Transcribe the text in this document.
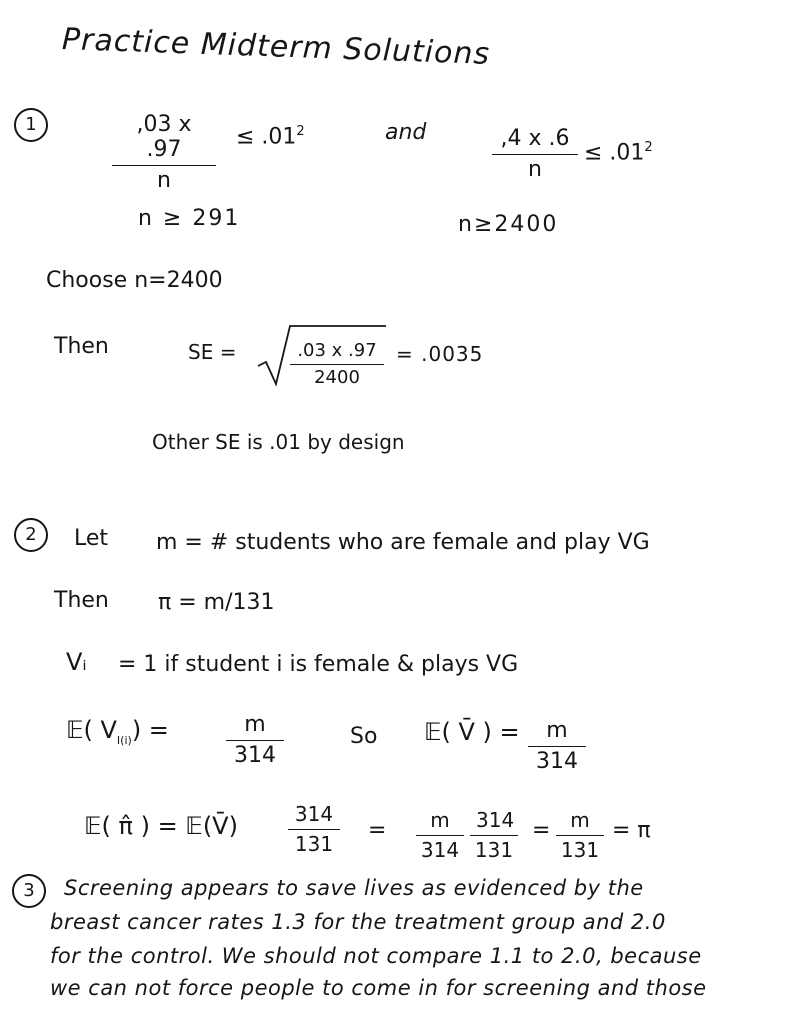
Practice Midterm Solutions
1	,03 x .97
n
≤ $.01^2$	and	,4 x .6
n
≤ $.01^2$
n ≥ 291	n≥2400
Choose n=2400
Then	SE =	.03 x .97
2400
= .0035
Other SE is .01 by design
2	Let m = # students who are female and play VG
Then π = m/131
Vᵢ = 1 if student i is female & plays VG
𝔼( $V_{I(i)}$) =	m
314
So 𝔼( V̄ ) =	m
314
𝔼( π̂ ) = 𝔼(V̄)	314
131
=	m
314
314
131
= m
131
= π
3	Screening appears to save lives as evidenced by the
breast cancer rates 1.3 for the treatment group and 2.0
for the control. We should not compare 1.1 to 2.0, because
we can not force people to come in for screening and those
